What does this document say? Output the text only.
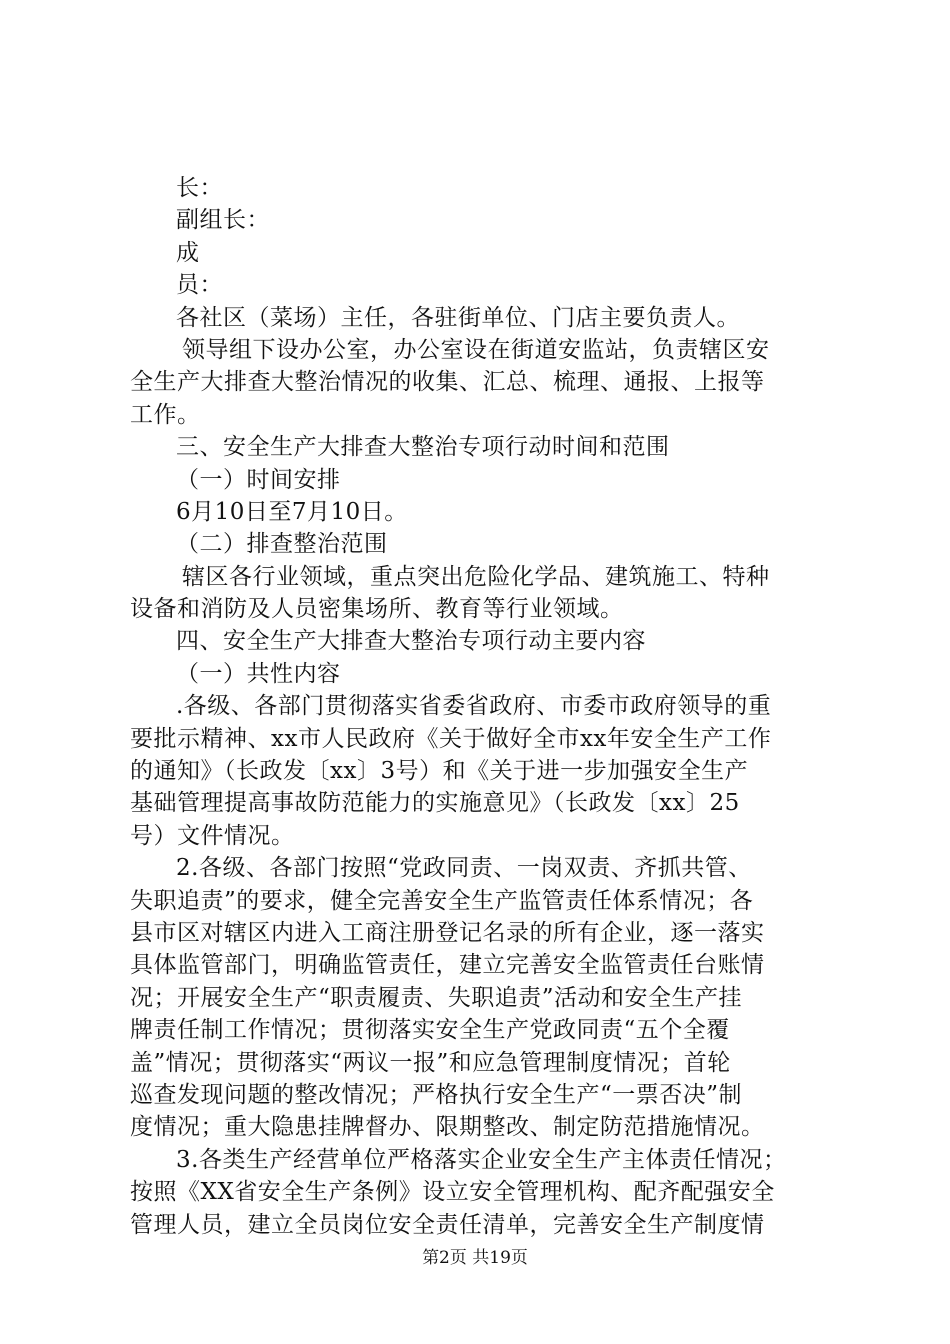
长：
副组长：
成
员：
各社区（菜场）主任，各驻街单位、门店主要负责人。
领导组下设办公室，办公室设在街道安监站，负责辖区安
全生产大排查大整治情况的收集、汇总、梳理、通报、上报等
工作。
三、安全生产大排查大整治专项行动时间和范围
（一）时间安排
6月10日至7月10日。
（二）排查整治范围
辖区各行业领域，重点突出危险化学品、建筑施工、特种
设备和消防及人员密集场所、教育等行业领域。
四、安全生产大排查大整治专项行动主要内容
（一）共性内容
.各级、各部门贯彻落实省委省政府、市委市政府领导的重
要批示精神、xx市人民政府《关于做好全市xx年安全生产工作
的通知》（长政发〔xx〕3号）和《关于进一步加强安全生产
基础管理提高事故防范能力的实施意见》（长政发〔xx〕25
号）文件情况。
2.各级、各部门按照“党政同责、一岗双责、齐抓共管、
失职追责”的要求，健全完善安全生产监管责任体系情况；各
县市区对辖区内进入工商注册登记名录的所有企业，逐一落实
具体监管部门，明确监管责任，建立完善安全监管责任台账情
况；开展安全生产“职责履责、失职追责”活动和安全生产挂
牌责任制工作情况；贯彻落实安全生产党政同责“五个全覆
盖”情况；贯彻落实“两议一报”和应急管理制度情况；首轮
巡查发现问题的整改情况；严格执行安全生产“一票否决”制
度情况；重大隐患挂牌督办、限期整改、制定防范措施情况。
3.各类生产经营单位严格落实企业安全生产主体责任情况；
按照《XX省安全生产条例》设立安全管理机构、配齐配强安全
管理人员，建立全员岗位安全责任清单，完善安全生产制度情
第2页 共19页
